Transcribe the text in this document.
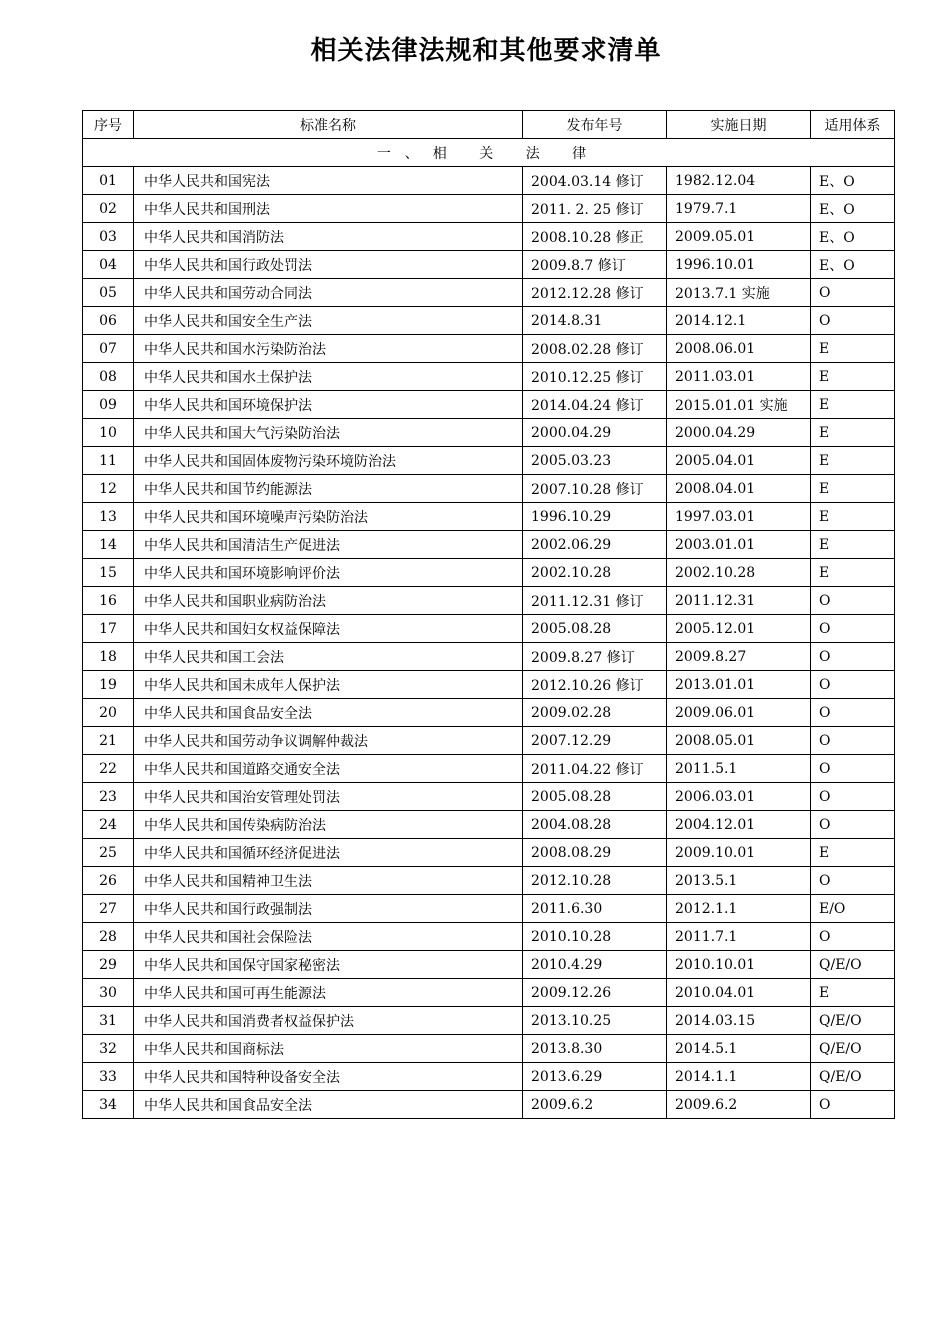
相关法律法规和其他要求清单
序号	标准名称	发布年号	实施日期	适用体系
一、相 关 法 律				
01	中华人民共和国宪法	2004.03.14 修订	1982.12.04	E、O
02	中华人民共和国刑法	2011. 2. 25 修订	1979.7.1	E、O
03	中华人民共和国消防法	2008.10.28 修正	2009.05.01	E、O
04	中华人民共和国行政处罚法	2009.8.7 修订	1996.10.01	E、O
05	中华人民共和国劳动合同法	2012.12.28 修订	2013.7.1 实施	O
06	中华人民共和国安全生产法	2014.8.31	2014.12.1	O
07	中华人民共和国水污染防治法	2008.02.28 修订	2008.06.01	E
08	中华人民共和国水土保护法	2010.12.25 修订	2011.03.01	E
09	中华人民共和国环境保护法	2014.04.24 修订	2015.01.01 实施	E
10	中华人民共和国大气污染防治法	2000.04.29	2000.04.29	E
11	中华人民共和国固体废物污染环境防治法	2005.03.23	2005.04.01	E
12	中华人民共和国节约能源法	2007.10.28 修订	2008.04.01	E
13	中华人民共和国环境噪声污染防治法	1996.10.29	1997.03.01	E
14	中华人民共和国清洁生产促进法	2002.06.29	2003.01.01	E
15	中华人民共和国环境影响评价法	2002.10.28	2002.10.28	E
16	中华人民共和国职业病防治法	2011.12.31 修订	2011.12.31	O
17	中华人民共和国妇女权益保障法	2005.08.28	2005.12.01	O
18	中华人民共和国工会法	2009.8.27 修订	2009.8.27	O
19	中华人民共和国未成年人保护法	2012.10.26 修订	2013.01.01	O
20	中华人民共和国食品安全法	2009.02.28	2009.06.01	O
21	中华人民共和国劳动争议调解仲裁法	2007.12.29	2008.05.01	O
22	中华人民共和国道路交通安全法	2011.04.22 修订	2011.5.1	O
23	中华人民共和国治安管理处罚法	2005.08.28	2006.03.01	O
24	中华人民共和国传染病防治法	2004.08.28	2004.12.01	O
25	中华人民共和国循环经济促进法	2008.08.29	2009.10.01	E
26	中华人民共和国精神卫生法	2012.10.28	2013.5.1	O
27	中华人民共和国行政强制法	2011.6.30	2012.1.1	E/O
28	中华人民共和国社会保险法	2010.10.28	2011.7.1	O
29	中华人民共和国保守国家秘密法	2010.4.29	2010.10.01	Q/E/O
30	中华人民共和国可再生能源法	2009.12.26	2010.04.01	E
31	中华人民共和国消费者权益保护法	2013.10.25	2014.03.15	Q/E/O
32	中华人民共和国商标法	2013.8.30	2014.5.1	Q/E/O
33	中华人民共和国特种设备安全法	2013.6.29	2014.1.1	Q/E/O
34	中华人民共和国食品安全法	2009.6.2	2009.6.2	O
